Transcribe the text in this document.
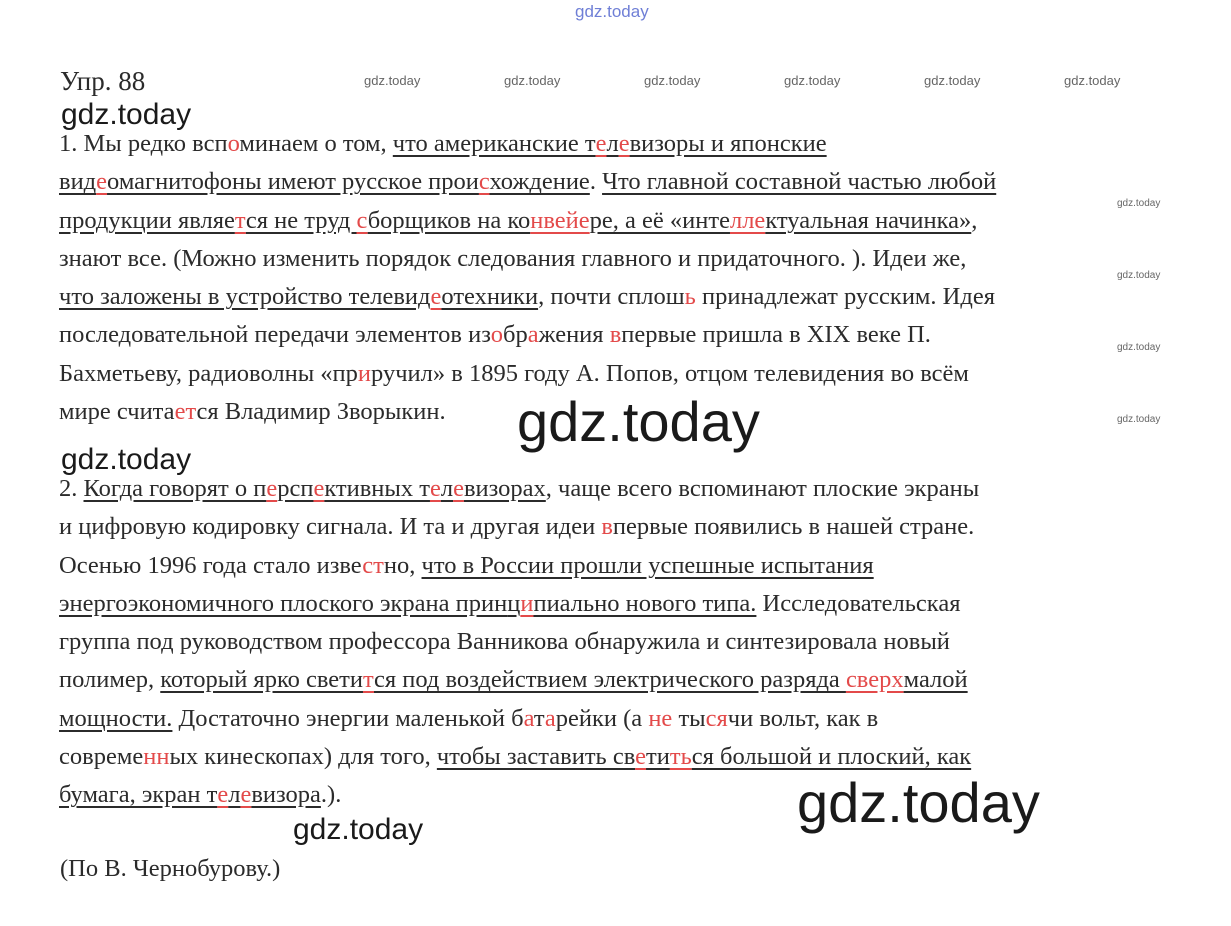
gdz.today
gdz.today	gdz.today	gdz.today	gdz.today	gdz.today	gdz.today
gdz.today
gdz.today
gdz.today
gdz.today
gdz.today
gdz.today
gdz.today
gdz.today
gdz.today
Упр. 88
1. Мы редко вспоминаем о том, что американские телевизоры и японские
видеомагнитофоны имеют русское происхождение. Что главной составной частью любой
продукции является не труд сборщиков на конвейере, а её «интеллектуальная начинка»,
знают все. (Можно изменить порядок следования главного и придаточного. ). Идеи же,
что заложены в устройство телевидеотехники, почти сплошь принадлежат русским. Идея
последовательной передачи элементов изображения впервые пришла в XIX веке П.
Бахметьеву, радиоволны «приручил» в 1895 году А. Попов, отцом телевидения во всём
мире считается Владимир Зворыкин.
2. Когда говорят о перспективных телевизорах, чаще всего вспоминают плоские экраны
и цифровую кодировку сигнала. И та и другая идеи впервые появились в нашей стране.
Осенью 1996 года стало известно, что в России прошли успешные испытания
энергоэкономичного плоского экрана принципиально нового типа. Исследовательская
группа под руководством профессора Ванникова обнаружила и синтезировала новый
полимер, который ярко светится под воздействием электрического разряда сверхмалой
мощности. Достаточно энергии маленькой батарейки (а не тысячи вольт, как в
современных кинескопах) для того, чтобы заставить светиться большой и плоский, как
бумага, экран телевизора.).
(По В. Чернобурову.)
